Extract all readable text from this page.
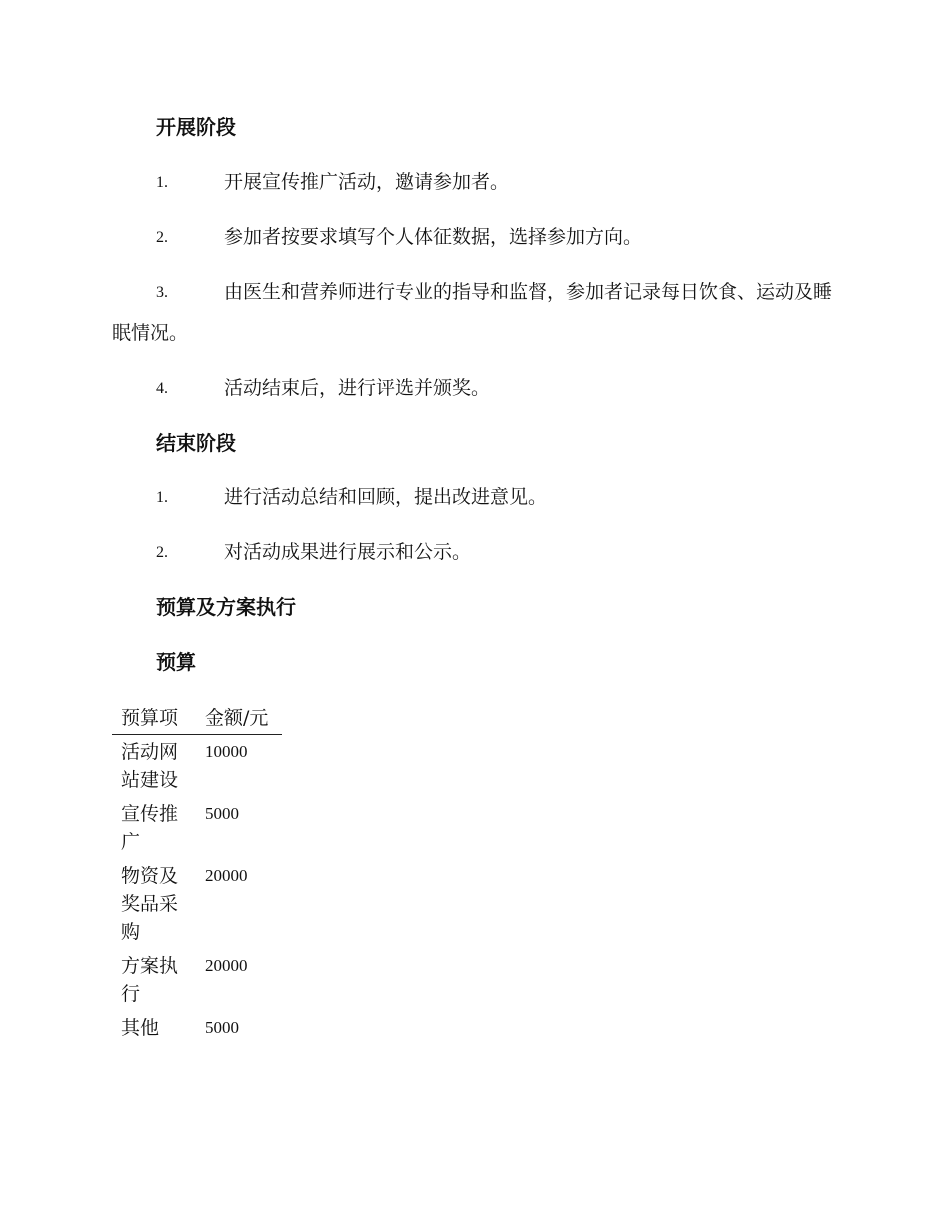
开展阶段
1.	开展宣传推广活动，邀请参加者。
2.	参加者按要求填写个人体征数据，选择参加方向。
3.	由医生和营养师进行专业的指导和监督，参加者记录每日饮食、运动及睡眠情况。
4.	活动结束后，进行评选并颁奖。
结束阶段
1.	进行活动总结和回顾，提出改进意见。
2.	对活动成果进行展示和公示。
预算及方案执行
预算
预算项	金额/元
活动网站建设	10000
宣传推广	5000
物资及奖品采购	20000
方案执行	20000
其他	5000
